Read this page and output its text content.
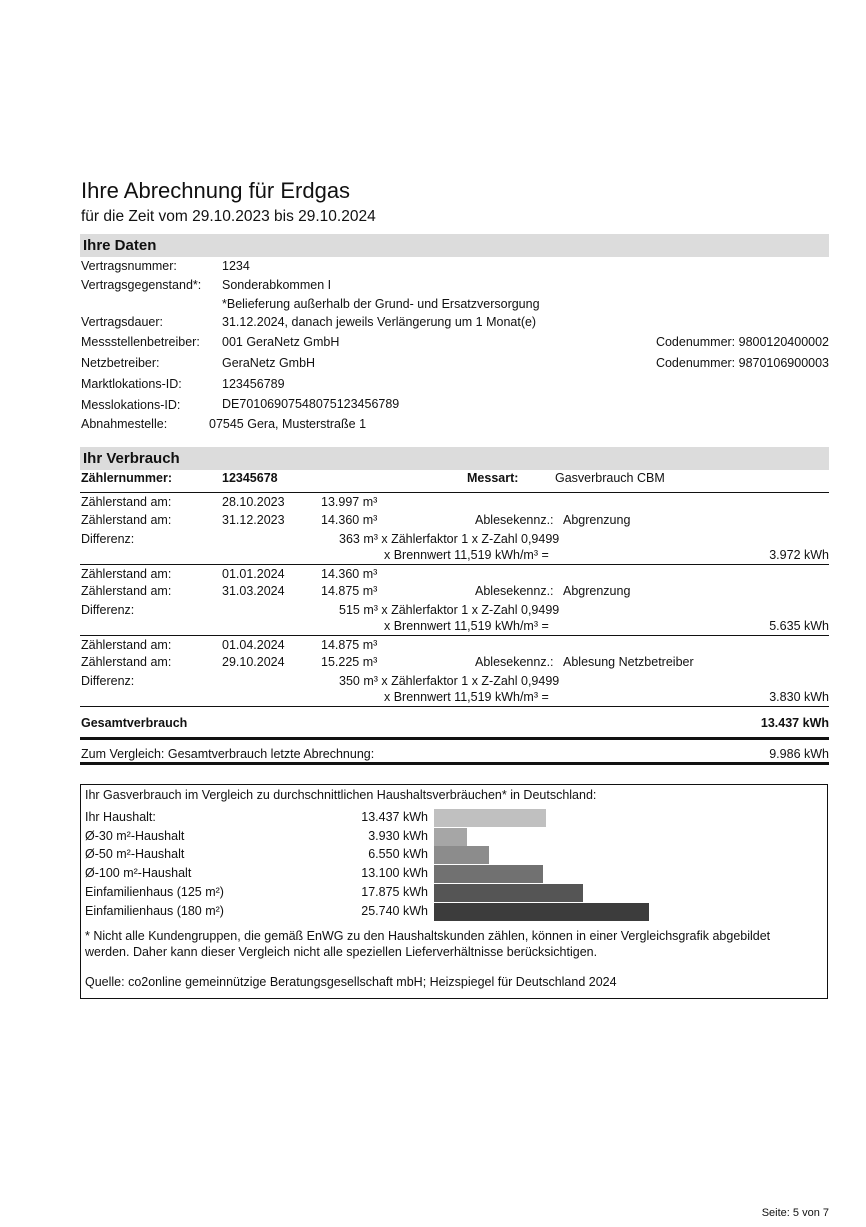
Ihre Abrechnung für Erdgas
für die Zeit vom 29.10.2023 bis 29.10.2024
Ihre Daten
Vertragsnummer:	1234
Vertragsgegenstand*: Sonderabkommen I
*Belieferung außerhalb der Grund- und Ersatzversorgung
Vertragsdauer:	31.12.2024, danach jeweils Verlängerung um 1 Monat(e)
Messstellenbetreiber: 001 GeraNetz GmbH	Codenummer: 9800120400002
Netzbetreiber:	GeraNetz GmbH	Codenummer: 9870106900003
Marktlokations-ID:	123456789
Messlokations-ID:	DE70106907548075123456789
Abnahmestelle:	07545 Gera, Musterstraße 1
Ihr Verbrauch
Zählernummer:	12345678	Messart:	Gasverbrauch CBM
Zählerstand am:	28.10.2023	13.997 m³
Zählerstand am:	31.12.2023	14.360 m³	Ablesekennz.: Abgrenzung
Differenz:	363 m³ x Zählerfaktor 1 x Z-Zahl 0,9499
x Brennwert 11,519 kWh/m³ =	3.972 kWh
Zählerstand am:	01.01.2024	14.360 m³
Zählerstand am:	31.03.2024	14.875 m³	Ablesekennz.: Abgrenzung
Differenz:	515 m³ x Zählerfaktor 1 x Z-Zahl 0,9499
x Brennwert 11,519 kWh/m³ =	5.635 kWh
Zählerstand am:	01.04.2024	14.875 m³
Zählerstand am:	29.10.2024	15.225 m³	Ablesekennz.: Ablesung Netzbetreiber
Differenz:	350 m³ x Zählerfaktor 1 x Z-Zahl 0,9499
x Brennwert 11,519 kWh/m³ =	3.830 kWh
Gesamtverbrauch	13.437 kWh
Zum Vergleich: Gesamtverbrauch letzte Abrechnung:	9.986 kWh
Ihr Gasverbrauch im Vergleich zu durchschnittlichen Haushaltsverbräuchen* in Deutschland:
Ihr Haushalt:	13.437 kWh
Ø-30 m²-Haushalt	3.930 kWh
Ø-50 m²-Haushalt	6.550 kWh
Ø-100 m²-Haushalt	13.100 kWh
Einfamilienhaus (125 m²)	17.875 kWh
Einfamilienhaus (180 m²)	25.740 kWh
* Nicht alle Kundengruppen, die gemäß EnWG zu den Haushaltskunden zählen, können in einer Vergleichsgrafik abgebildet werden. Daher kann dieser Vergleich nicht alle speziellen Lieferverhältnisse berücksichtigen.
Quelle: co2online gemeinnützige Beratungsgesellschaft mbH; Heizspiegel für Deutschland 2024
Seite: 5 von 7
